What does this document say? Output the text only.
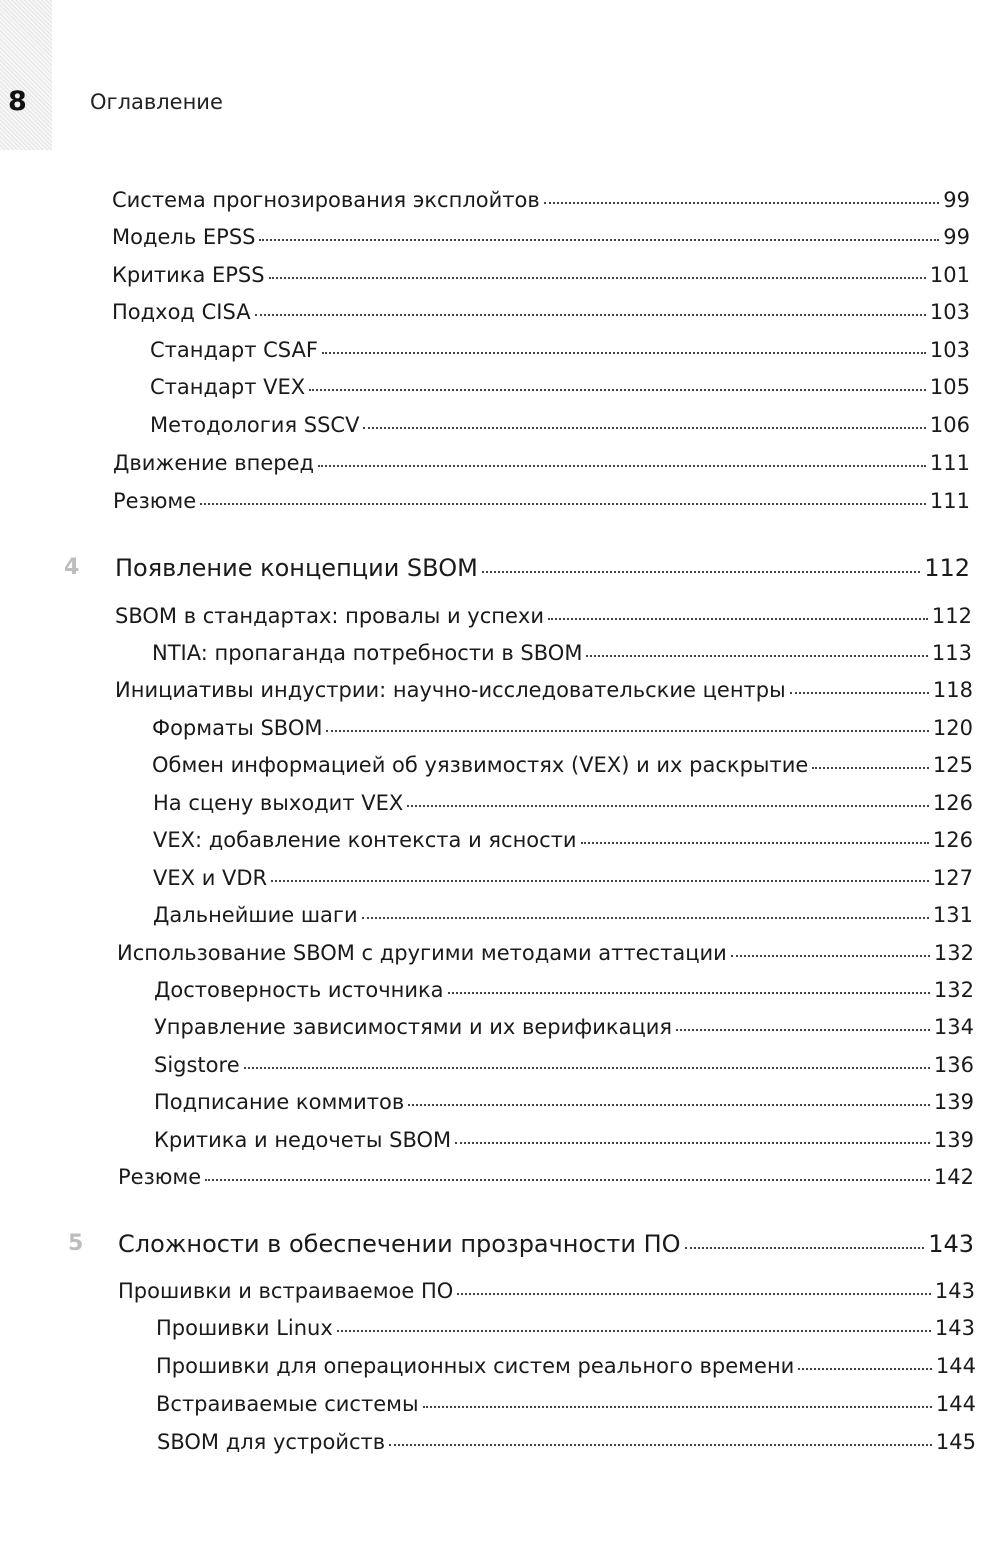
8	Оглавление
Система прогнозирования эксплойтов	99
Модель EPSS	99
Критика EPSS	101
Подход CISA	103
Стандарт CSAF	103
Стандарт VEX	105
Методология SSCV	106
Движение вперед	111
Резюме	111
4 Появление концепции SBOM	112
SBOM в стандартах: провалы и успехи	112
NTIA: пропаганда потребности в SBOM	113
Инициативы индустрии: научно-исследовательские центры	118
Форматы SBOM	120
Обмен информацией об уязвимостях (VEX) и их раскрытие	125
На сцену выходит VEX	126
VEX: добавление контекста и ясности	126
VEX и VDR	127
Дальнейшие шаги	131
Использование SBOM с другими методами аттестации	132
Достоверность источника	132
Управление зависимостями и их верификация	134
Sigstore	136
Подписание коммитов	139
Критика и недочеты SBOM	139
Резюме	142
5 Сложности в обеспечении прозрачности ПО	143
Прошивки и встраиваемое ПО	143
Прошивки Linux	143
Прошивки для операционных систем реального времени	144
Встраиваемые системы	144
SBOM для устройств	145
